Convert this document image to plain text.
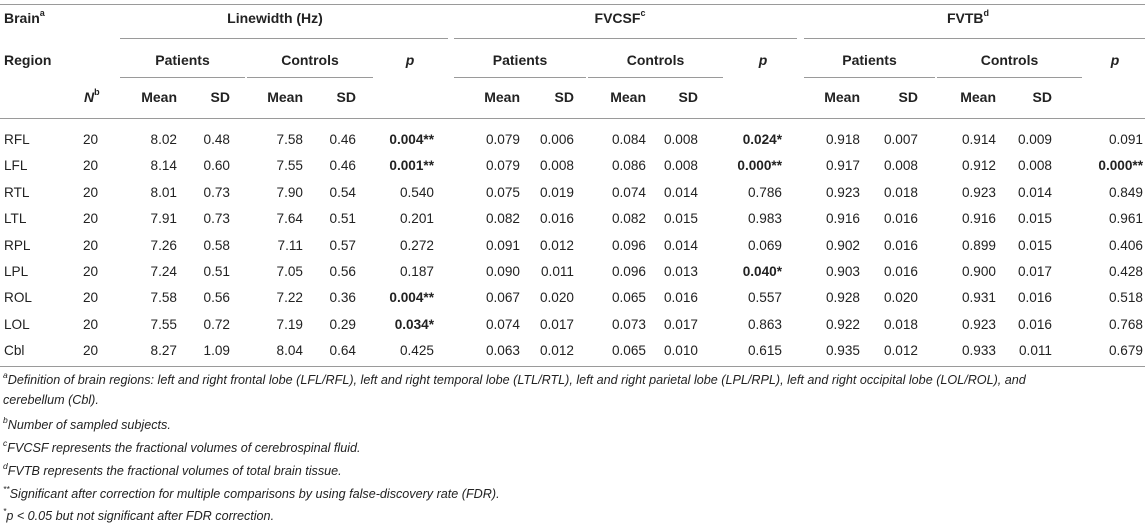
Brain$^a$
Region
$N^b$
Linewidth (Hz)
Patients	Controls	p
Mean	SD	Mean	SD
FVCSF$^c$
Patients	Controls	p
Mean	SD	Mean	SD
FVTB$^d$
Patients	Controls	p
Mean	SD	Mean	SD
RFL	20	8.02	0.48	7.58	0.46	0.004**	0.079	0.006	0.084	0.008	0.024*	0.918	0.007	0.914	0.009	0.091
LFL	20	8.14	0.60	7.55	0.46	0.001**	0.079	0.008	0.086	0.008	0.000**	0.917	0.008	0.912	0.008	0.000**
RTL	20	8.01	0.73	7.90	0.54	0.540	0.075	0.019	0.074	0.014	0.786	0.923	0.018	0.923	0.014	0.849
LTL	20	7.91	0.73	7.64	0.51	0.201	0.082	0.016	0.082	0.015	0.983	0.916	0.016	0.916	0.015	0.961
RPL	20	7.26	0.58	7.11	0.57	0.272	0.091	0.012	0.096	0.014	0.069	0.902	0.016	0.899	0.015	0.406
LPL	20	7.24	0.51	7.05	0.56	0.187	0.090	0.011	0.096	0.013	0.040*	0.903	0.016	0.900	0.017	0.428
ROL	20	7.58	0.56	7.22	0.36	0.004**	0.067	0.020	0.065	0.016	0.557	0.928	0.020	0.931	0.016	0.518
LOL	20	7.55	0.72	7.19	0.29	0.034*	0.074	0.017	0.073	0.017	0.863	0.922	0.018	0.923	0.016	0.768
Cbl	20	8.27	1.09	8.04	0.64	0.425	0.063	0.012	0.065	0.010	0.615	0.935	0.012	0.933	0.011	0.679
$^a$Definition of brain regions: left and right frontal lobe (LFL/RFL), left and right temporal lobe (LTL/RTL), left and right parietal lobe (LPL/RPL), left and right occipital lobe (LOL/ROL), and
cerebellum (Cbl).
$^b$Number of sampled subjects.
$^c$FVCSF represents the fractional volumes of cerebrospinal fluid.
$^d$FVTB represents the fractional volumes of total brain tissue.
**Significant after correction for multiple comparisons by using false-discovery rate (FDR).
*p < 0.05 but not significant after FDR correction.
